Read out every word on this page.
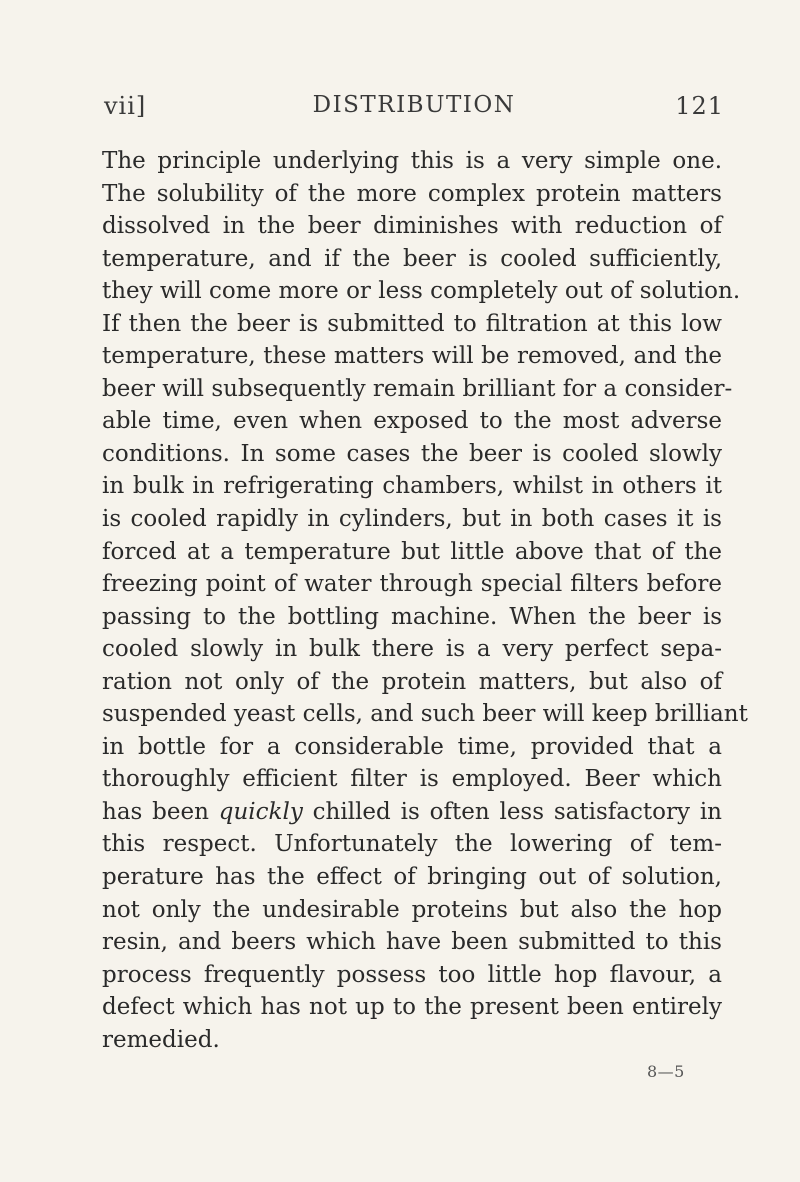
vii]	DISTRIBUTION	121
The principle underlying this is a very simple one.
The solubility of the more complex protein matters
dissolved in the beer diminishes with reduction of
temperature, and if the beer is cooled sufficiently,
they will come more or less completely out of solution.
If then the beer is submitted to filtration at this low
temperature, these matters will be removed, and the
beer will subsequently remain brilliant for a consider-
able time, even when exposed to the most adverse
conditions. In some cases the beer is cooled slowly
in bulk in refrigerating chambers, whilst in others it
is cooled rapidly in cylinders, but in both cases it is
forced at a temperature but little above that of the
freezing point of water through special filters before
passing to the bottling machine. When the beer is
cooled slowly in bulk there is a very perfect sepa-
ration not only of the protein matters, but also of
suspended yeast cells, and such beer will keep brilliant
in bottle for a considerable time, provided that a
thoroughly efficient filter is employed. Beer which
has been quickly chilled is often less satisfactory in
this respect. Unfortunately the lowering of tem-
perature has the effect of bringing out of solution,
not only the undesirable proteins but also the hop
resin, and beers which have been submitted to this
process frequently possess too little hop flavour, a
defect which has not up to the present been entirely
remedied.
8—5
